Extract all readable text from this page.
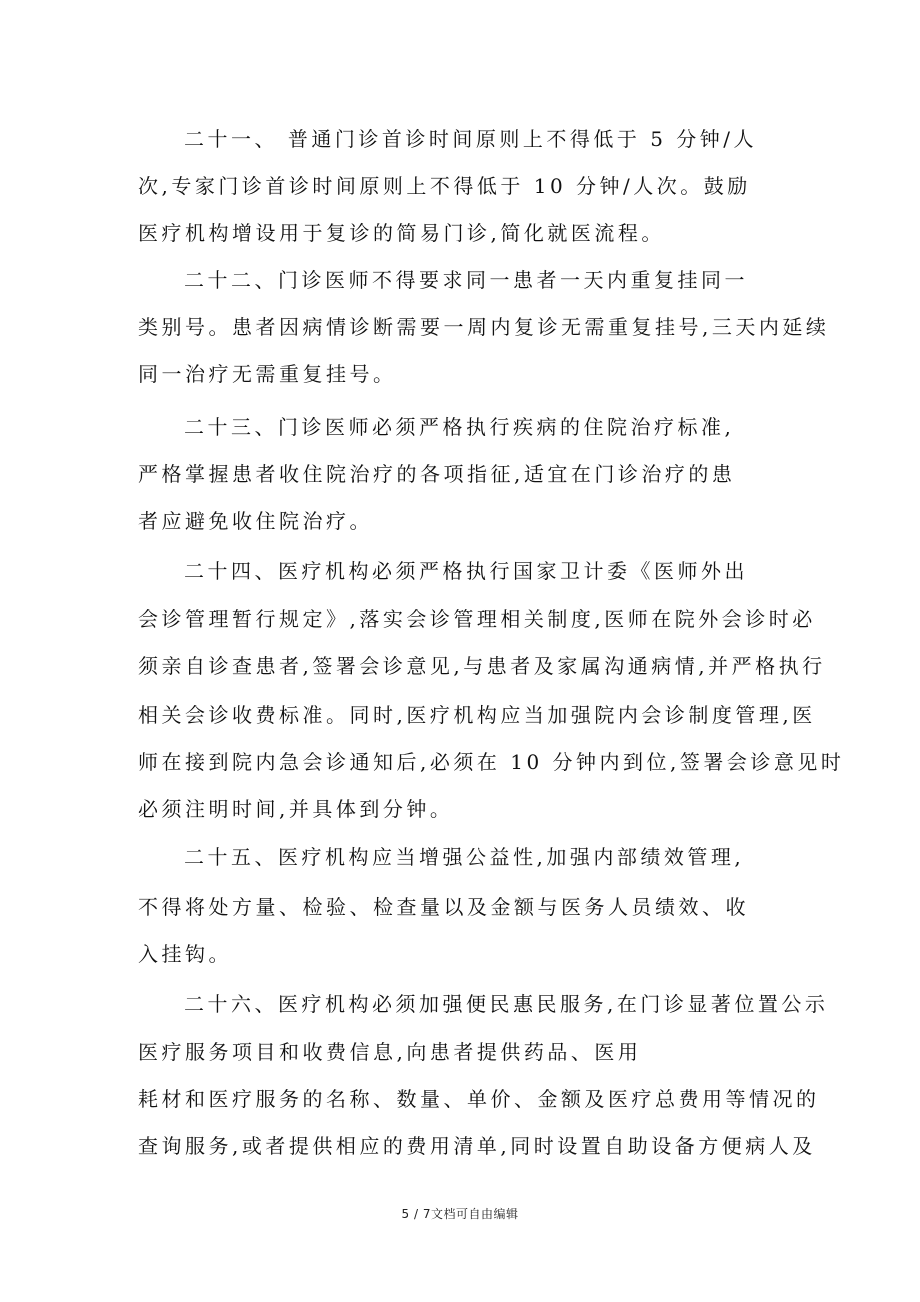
二十一、 普通门诊首诊时间原则上不得低于 5 分钟/人
次,专家门诊首诊时间原则上不得低于 10 分钟/人次。鼓励
医疗机构增设用于复诊的简易门诊,简化就医流程。
二十二、门诊医师不得要求同一患者一天内重复挂同一
类别号。患者因病情诊断需要一周内复诊无需重复挂号,三天内延续
同一治疗无需重复挂号。
二十三、门诊医师必须严格执行疾病的住院治疗标准,
严格掌握患者收住院治疗的各项指征,适宜在门诊治疗的患
者应避免收住院治疗。
二十四、医疗机构必须严格执行国家卫计委《医师外出
会诊管理暂行规定》,落实会诊管理相关制度,医师在院外会诊时必
须亲自诊查患者,签署会诊意见,与患者及家属沟通病情,并严格执行
相关会诊收费标准。同时,医疗机构应当加强院内会诊制度管理,医
师在接到院内急会诊通知后,必须在 10 分钟内到位,签署会诊意见时
必须注明时间,并具体到分钟。
二十五、医疗机构应当增强公益性,加强内部绩效管理,
不得将处方量、检验、检查量以及金额与医务人员绩效、收
入挂钩。
二十六、医疗机构必须加强便民惠民服务,在门诊显著位置公示
医疗服务项目和收费信息,向患者提供药品、医用
耗材和医疗服务的名称、数量、单价、金额及医疗总费用等情况的
查询服务,或者提供相应的费用清单,同时设置自助设备方便病人及
5 / 7文档可自由编辑
